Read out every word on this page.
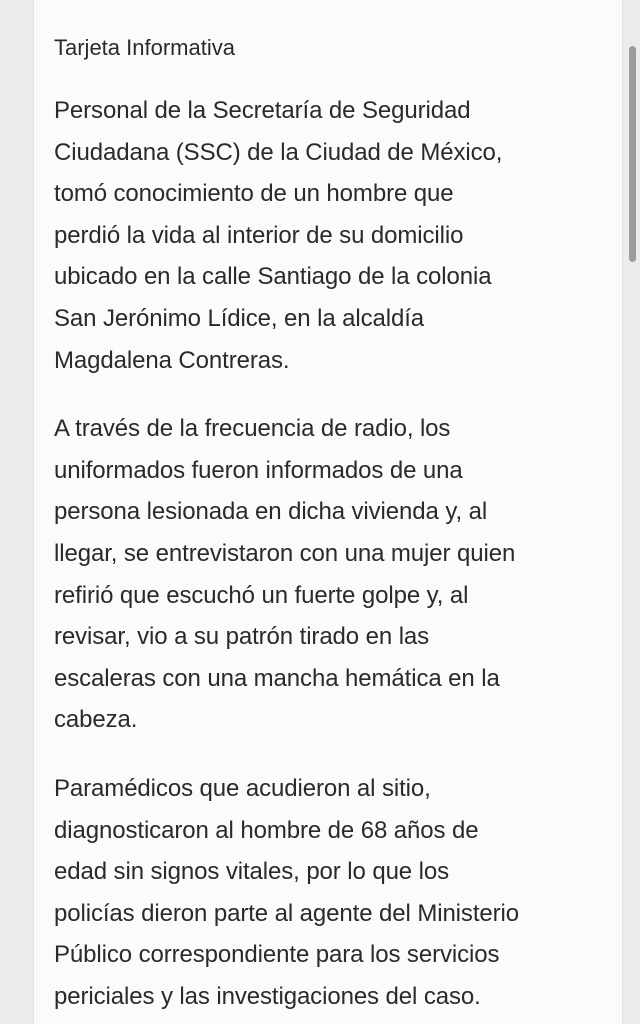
Tarjeta Informativa

Personal de la Secretaría de Seguridad
Ciudadana (SSC) de la Ciudad de México,
tomó conocimiento de un hombre que
perdió la vida al interior de su domicilio
ubicado en la calle Santiago de la colonia
San Jerónimo Lídice, en la alcaldía
Magdalena Contreras.

A través de la frecuencia de radio, los
uniformados fueron informados de una
persona lesionada en dicha vivienda y, al
llegar, se entrevistaron con una mujer quien
refirió que escuchó un fuerte golpe y, al
revisar, vio a su patrón tirado en las
escaleras con una mancha hemática en la
cabeza.

Paramédicos que acudieron al sitio,
diagnosticaron al hombre de 68 años de
edad sin signos vitales, por lo que los
policías dieron parte al agente del Ministerio
Público correspondiente para los servicios
periciales y las investigaciones del caso.
